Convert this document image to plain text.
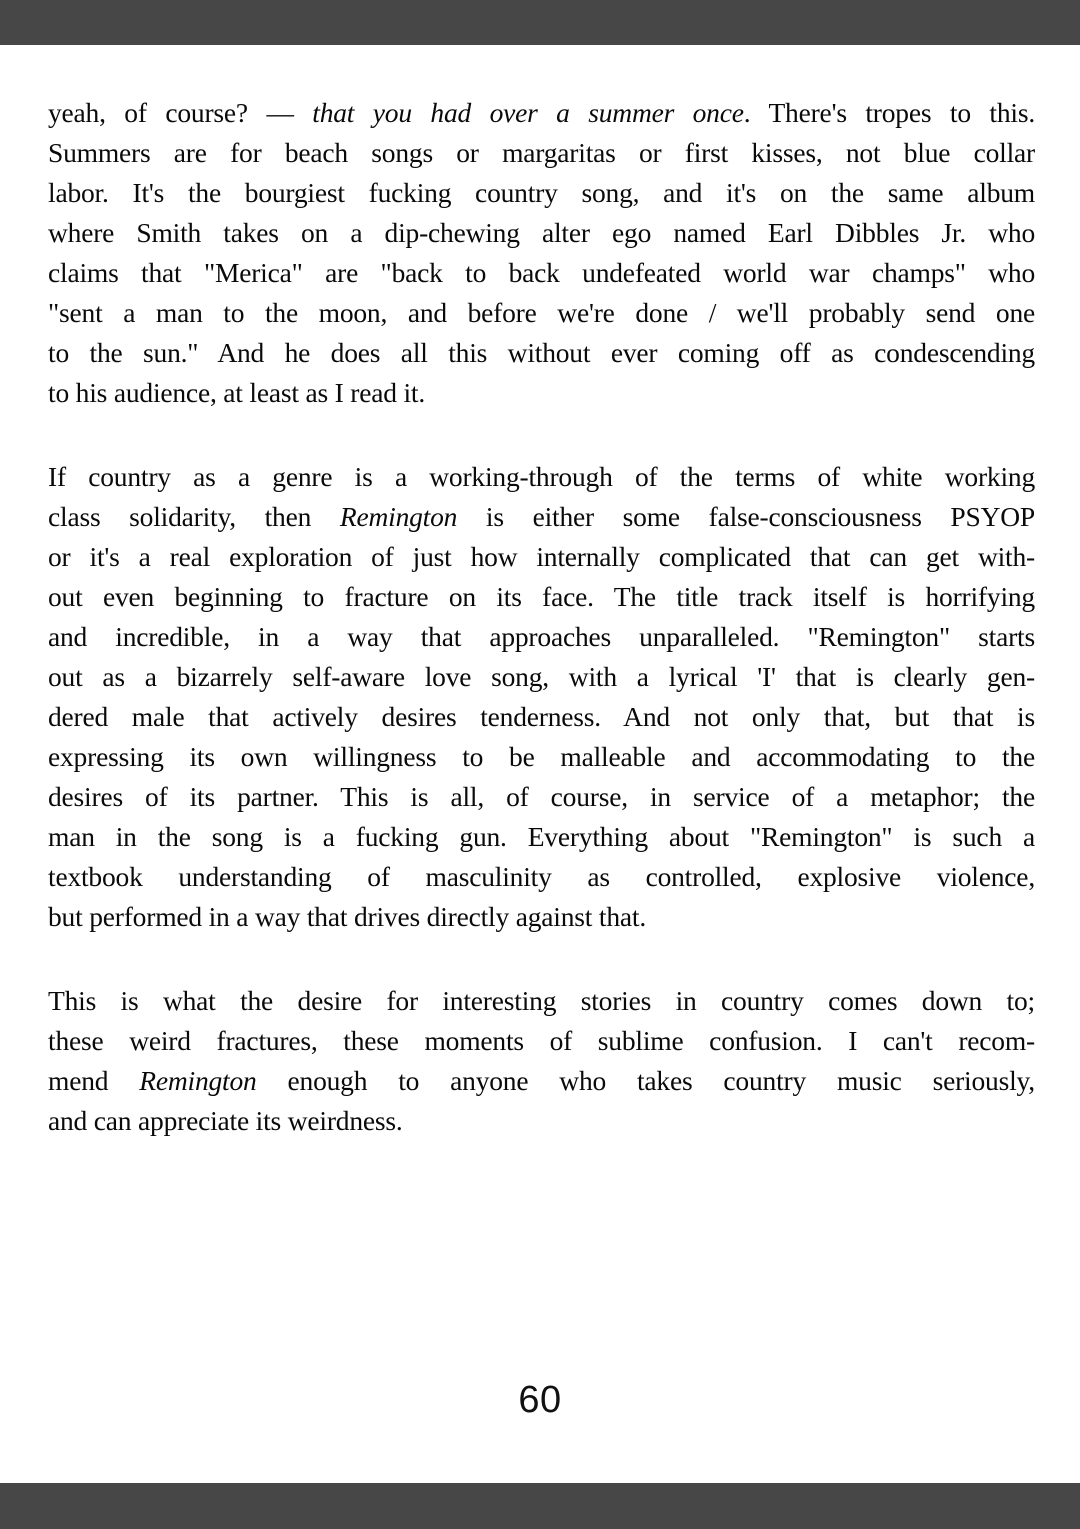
yeah, of course? — that you had over a summer once. There's tropes to this.
Summers are for beach songs or margaritas or first kisses, not blue collar
labor. It's the bourgiest fucking country song, and it's on the same album
where Smith takes on a dip-chewing alter ego named Earl Dibbles Jr. who
claims that "Merica" are "back to back undefeated world war champs" who
"sent a man to the moon, and before we're done / we'll probably send one
to the sun." And he does all this without ever coming off as condescending
to his audience, at least as I read it.
If country as a genre is a working-through of the terms of white working
class solidarity, then Remington is either some false-consciousness PSYOP
or it's a real exploration of just how internally complicated that can get with-
out even beginning to fracture on its face. The title track itself is horrifying
and incredible, in a way that approaches unparalleled. "Remington" starts
out as a bizarrely self-aware love song, with a lyrical 'I' that is clearly gen-
dered male that actively desires tenderness. And not only that, but that is
expressing its own willingness to be malleable and accommodating to the
desires of its partner. This is all, of course, in service of a metaphor; the
man in the song is a fucking gun. Everything about "Remington" is such a
textbook understanding of masculinity as controlled, explosive violence,
but performed in a way that drives directly against that.
This is what the desire for interesting stories in country comes down to;
these weird fractures, these moments of sublime confusion. I can't recom-
mend Remington enough to anyone who takes country music seriously,
and can appreciate its weirdness.
60
